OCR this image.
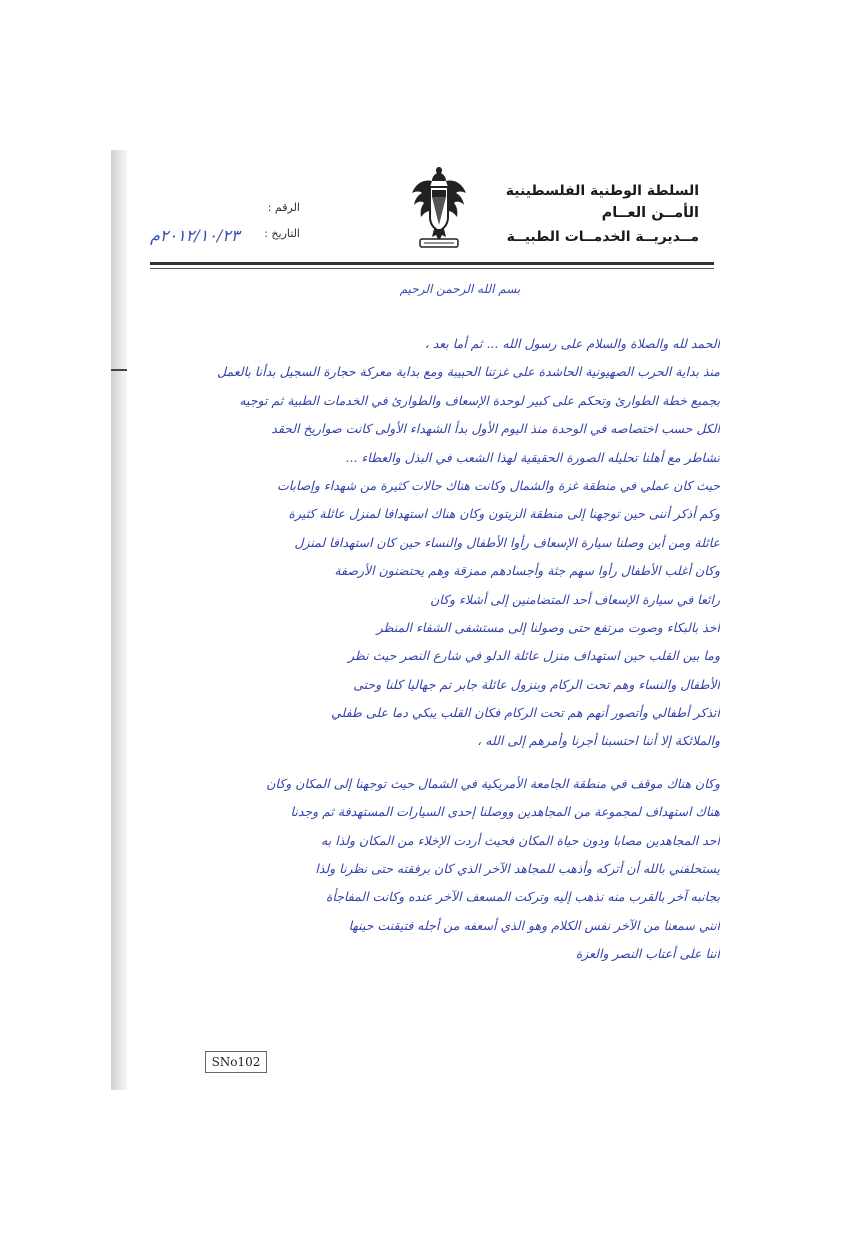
السلطة الوطنية الفلسطينية
الأمــن العــام
مــديريــة الخدمــات الطبيــة
الرقم :
التاريخ :
٢٠١٢/١٠/٢٣م
بسم الله الرحمن الرحيم
الحمد لله والصلاة والسلام على رسول الله ... ثم أما بعد ،
منذ بداية الحرب الصهيونية الحاشدة على غزتنا الحبيبة ومع بداية معركة حجارة السجيل بدأنا بالعمل
بجميع خطة الطوارئ وتحكم على كبير لوحدة الإسعاف والطوارئ في الخدمات الطبية ثم توجيه
الكل حسب اختصاصه في الوحدة منذ اليوم الأول بدأ الشهداء الأولى كانت صواريخ الحقد
تشاطر مع أهلنا تحليله الصورة الحقيقية لهذا الشعب في البذل والعطاء ...
حيث كان عملي في منطقة غزة والشمال وكانت هناك حالات كثيرة من شهداء وإصابات
وكم أذكر أننى حين توجهنا إلى منطقة الزيتون وكان هناك استهدافا لمنزل عائلة كثيرة
عائلة ومن أين وصلنا سيارة الإسعاف رأوا الأطفال والنساء حين كان استهدافا لمنزل
وكان أغلب الأطفال رأوا سهم جثة وأجسادهم ممزقة وهم يحتضنون الأرصفة
رائعا في سيارة الإسعاف أحد المتضامنين إلى أشلاء وكان
أخذ بالبكاء وصوت مرتفع حتى وصولنا إلى مستشفى الشفاء المنظر
وما بين القلب حين استهداف منزل عائلة الدلو في شارع النصر حيث نظر
الأطفال والنساء وهم تحت الركام وبنزول عائلة جابر تم جهاليا كلنا وحتى
أتذكر أطفالي وأتصور أنهم هم تحت الركام فكان القلب يبكي دما على طفلي
والملائكة إلا أننا احتسبنا أجرنا وأمرهم إلى الله ،
وكان هناك موقف في منطقة الجامعة الأمريكية في الشمال حيث توجهنا إلى المكان وكان
هناك استهداف لمجموعة من المجاهدين ووصلنا إحدى السيارات المستهدفة ثم وجدنا
أحد المجاهدين مصابا ودون حياة المكان فحيث أردت الإخلاء من المكان ولذا به
يستحلفني بالله أن أتركه وأذهب للمجاهد الآخر الذي كان برفقته حتى نظرنا ولذا
بجانبه آخر بالقرب منه نذهب إليه وتركت المسعف الآخر عنده وكانت المفاجأة
أنني سمعنا من الآخر نفس الكلام وهو الذي أسعفه من أجله فتيقنت حينها
أننا على أعتاب النصر والعزة
SNo102
